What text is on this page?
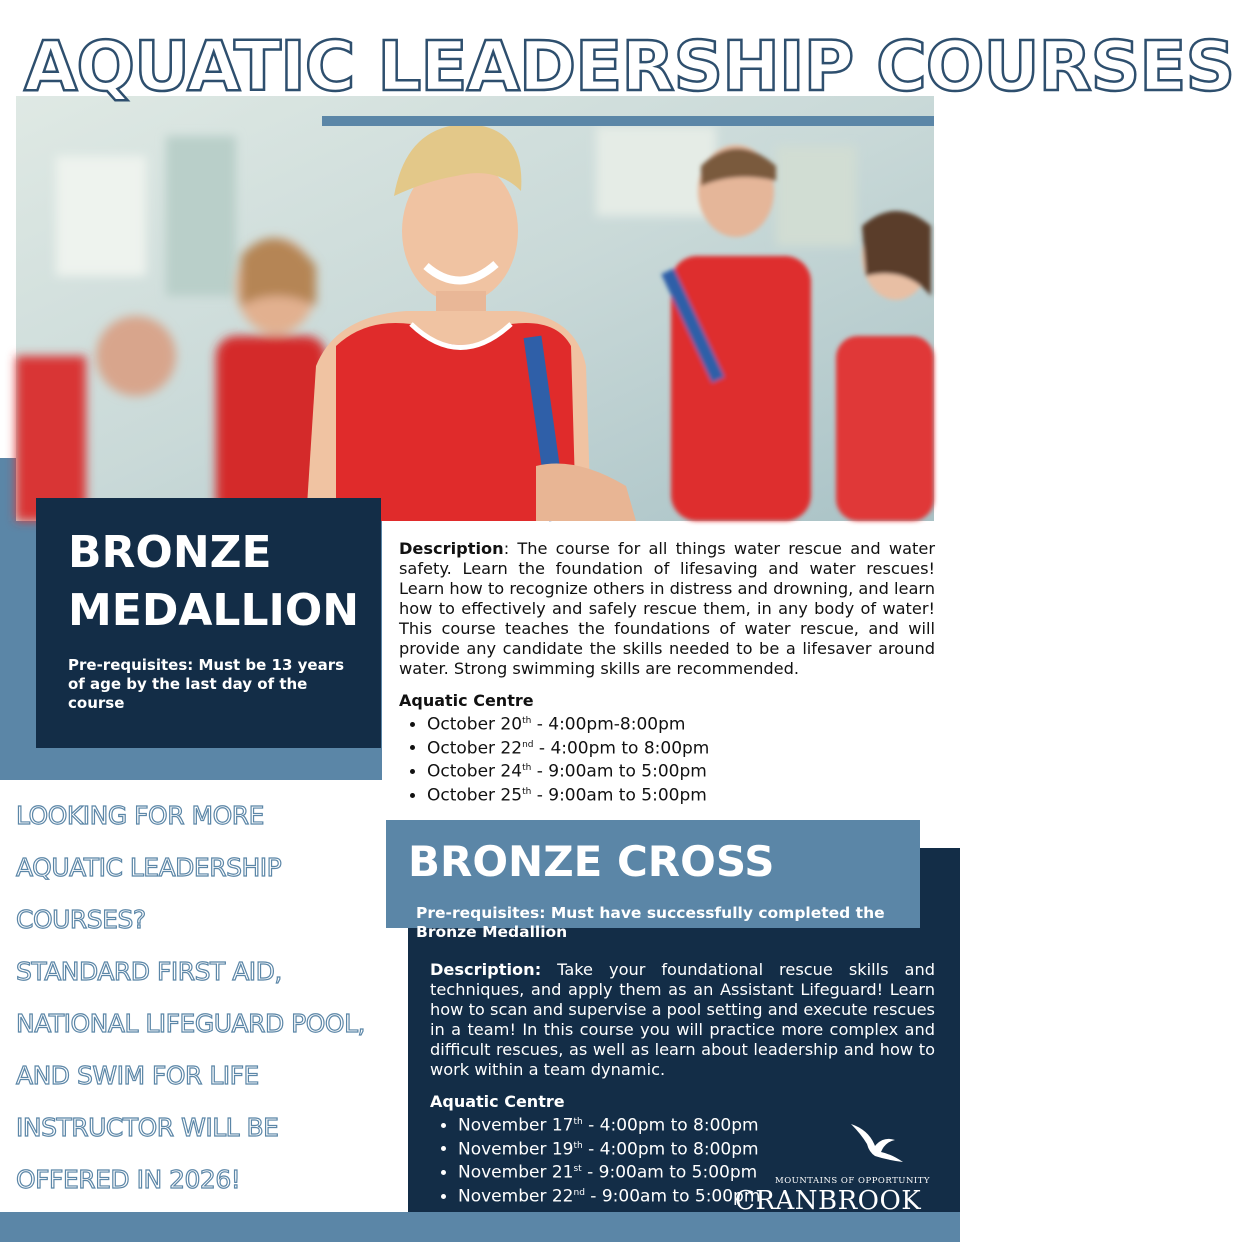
AQUATIC LEADERSHIP COURSES
BRONZE
MEDALLION
Pre-requisites: Must be 13 years of age by the last day of the course
Description: The course for all things water rescue and water safety. Learn the foundation of lifesaving and water rescues! Learn how to recognize others in distress and drowning, and learn how to effectively and safely rescue them, in any body of water! This course teaches the foundations of water rescue, and will provide any candidate the skills needed to be a lifesaver around water. Strong swimming skills are recommended.
Aquatic Centre
• October 20th - 4:00pm-8:00pm
• October 22nd - 4:00pm to 8:00pm
• October 24th - 9:00am to 5:00pm
• October 25th - 9:00am to 5:00pm
LOOKING FOR MORE
AQUATIC LEADERSHIP
COURSES?
STANDARD FIRST AID,
NATIONAL LIFEGUARD POOL,
AND SWIM FOR LIFE
INSTRUCTOR WILL BE
OFFERED IN 2026!
BRONZE CROSS
Pre-requisites: Must have successfully completed the Bronze Medallion
Description: Take your foundational rescue skills and techniques, and apply them as an Assistant Lifeguard! Learn how to scan and supervise a pool setting and execute rescues in a team! In this course you will practice more complex and difficult rescues, as well as learn about leadership and how to work within a team dynamic.
Aquatic Centre
• November 17th - 4:00pm to 8:00pm
• November 19th - 4:00pm to 8:00pm
• November 21st - 9:00am to 5:00pm
• November 22nd - 9:00am to 5:00pm
MOUNTAINS OF OPPORTUNITY
CRANBROOK
